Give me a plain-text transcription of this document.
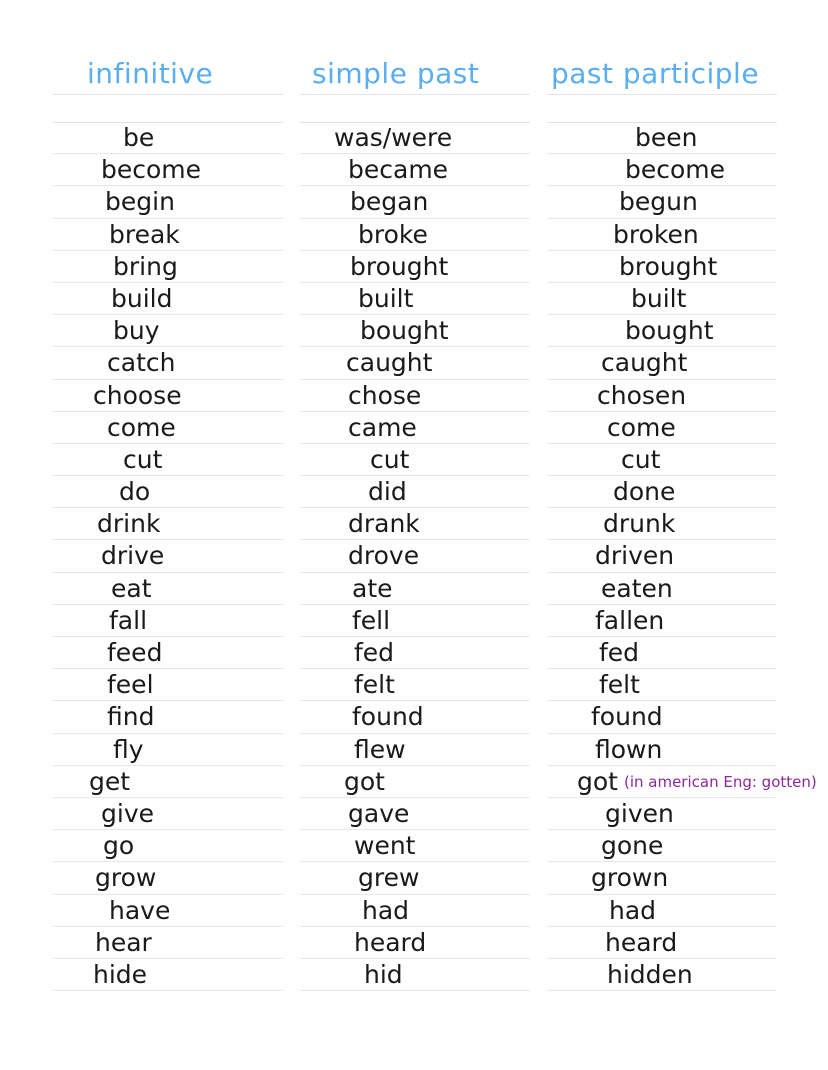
infinitive
be
become
begin
break
bring
build
buy
catch
choose
come
cut
do
drink
drive
eat
fall
feed
feel
find
fly
get
give
go
grow
have
hear
hide
simple past
was/were
became
began
broke
brought
built
bought
caught
chose
came
cut
did
drank
drove
ate
fell
fed
felt
found
flew
got
gave
went
grew
had
heard
hid
past participle
been
become
begun
broken
brought
built
bought
caught
chosen
come
cut
done
drunk
driven
eaten
fallen
fed
felt
found
flown
got (in american Eng: gotten)
given
gone
grown
had
heard
hidden
